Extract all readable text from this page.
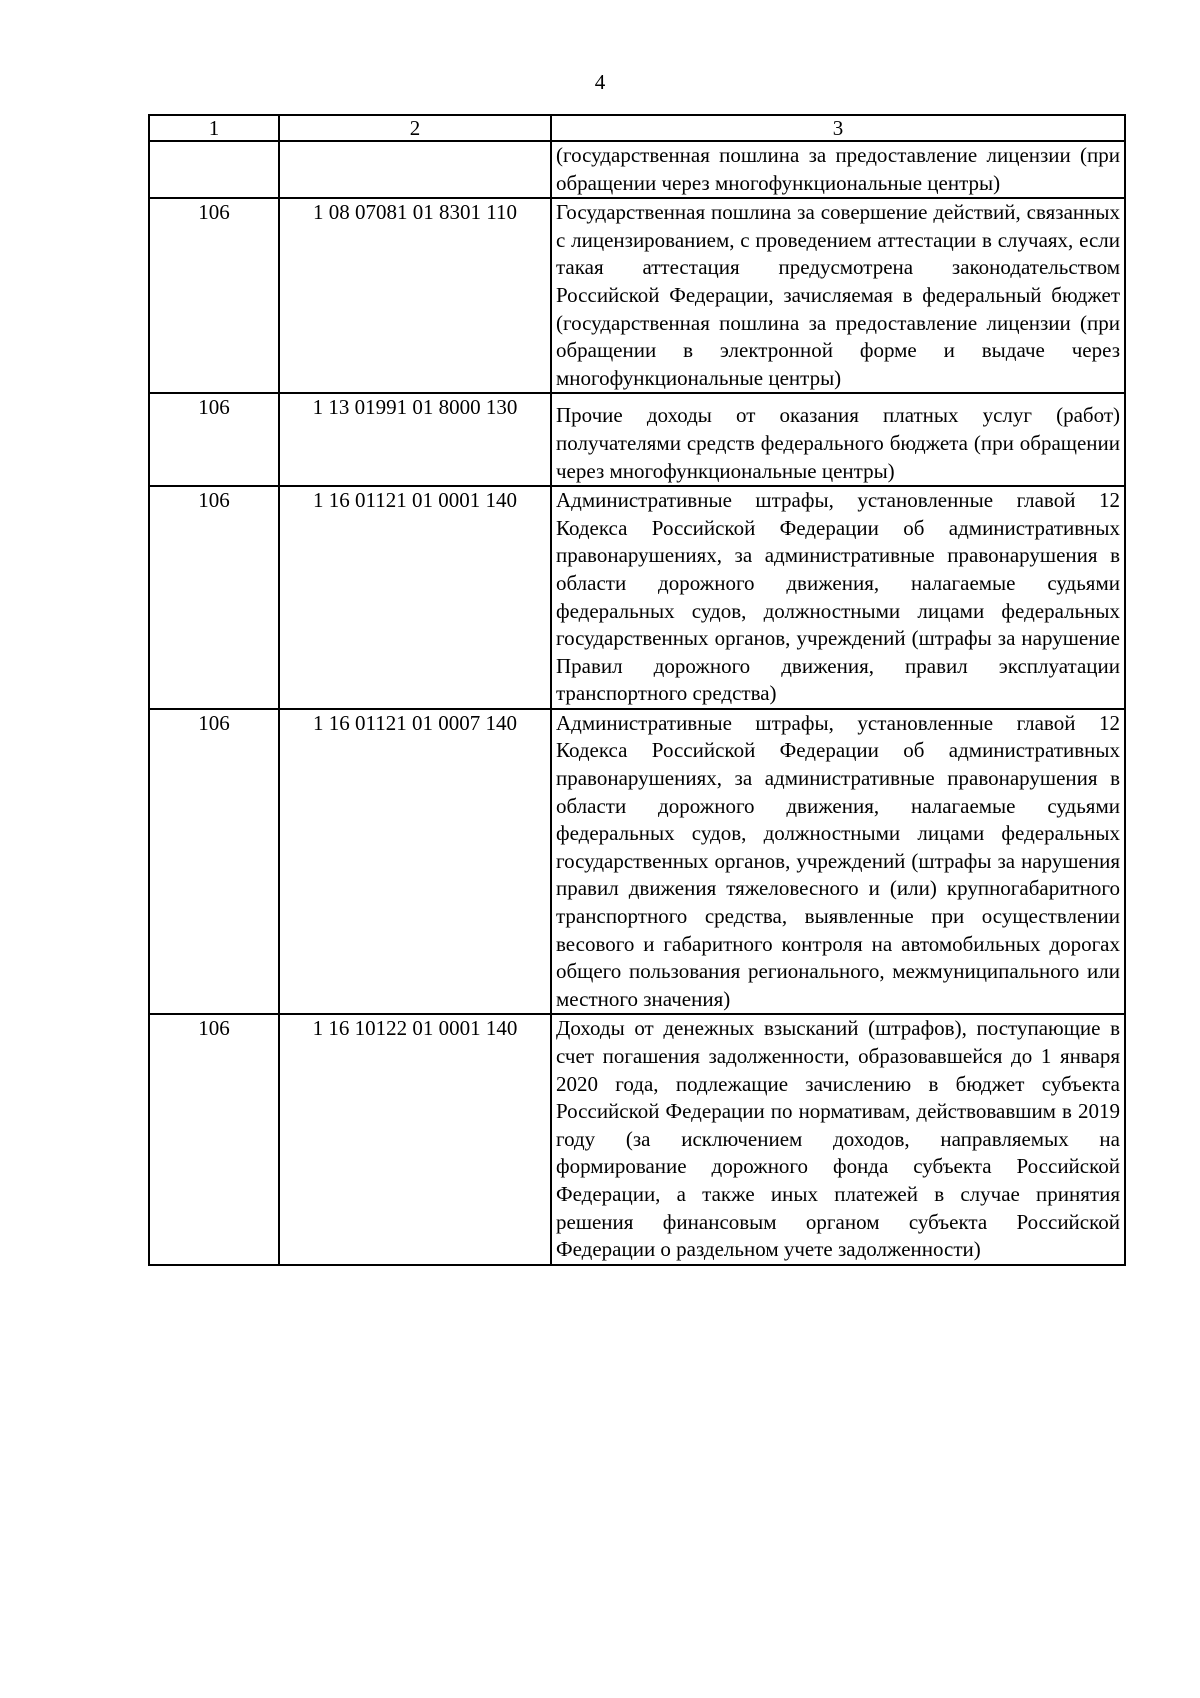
4
1	2	3
		(государственная пошлина за предоставление лицензии (при обращении через многофункциональные центры)
106	1 08 07081 01 8301 110	Государственная пошлина за совершение действий, связанных с лицензированием, с проведением аттестации в случаях, если такая аттестация предусмотрена законодательством Российской Федерации, зачисляемая в федеральный бюджет (государственная пошлина за предоставление лицензии (при обращении в электронной форме и выдаче через многофункциональные центры)
106	1 13 01991 01 8000 130	Прочие доходы от оказания платных услуг (работ) получателями средств федерального бюджета (при обращении через многофункциональные центры)
106	1 16 01121 01 0001 140	Административные штрафы, установленные главой 12 Кодекса Российской Федерации об административных правонарушениях, за административные правонарушения в области дорожного движения, налагаемые судьями федеральных судов, должностными лицами федеральных государственных органов, учреждений (штрафы за нарушение Правил дорожного движения, правил эксплуатации транспортного средства)
106	1 16 01121 01 0007 140	Административные штрафы, установленные главой 12 Кодекса Российской Федерации об административных правонарушениях, за административные правонарушения в области дорожного движения, налагаемые судьями федеральных судов, должностными лицами федеральных государственных органов, учреждений (штрафы за нарушения правил движения тяжеловесного и (или) крупногабаритного транспортного средства, выявленные при осуществлении весового и габаритного контроля на автомобильных дорогах общего пользования регионального, межмуниципального или местного значения)
106	1 16 10122 01 0001 140	Доходы от денежных взысканий (штрафов), поступающие в счет погашения задолженности, образовавшейся до 1 января 2020 года, подлежащие зачислению в бюджет субъекта Российской Федерации по нормативам, действовавшим в 2019 году (за исключением доходов, направляемых на формирование дорожного фонда субъекта Российской Федерации, а также иных платежей в случае принятия решения финансовым органом субъекта Российской Федерации о раздельном учете задолженности)
